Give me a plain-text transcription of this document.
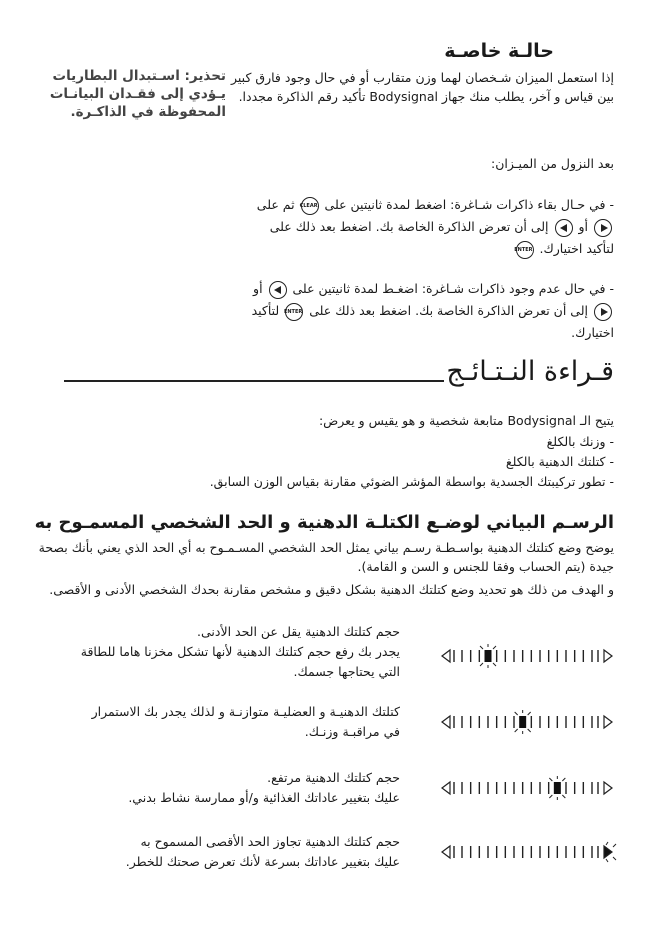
حالـة خاصـة

إذا استعمل الميزان شـخصان لهما وزن متقارب أو في حال وجود فارق كبير بين قياس و آخر، يطلب منك جهاز Bodysignal تأكيد رقم الذاكرة مجددا.

تحذير: اسـتبدال البطاريات يـؤدي إلى فقـدان البيانـات المحفوظة في الذاكـرة.

بعد النزول من الميـزان:

- في حـال بقاء ذاكرات شـاغرة: اضغط لمدة ثانيتين على CLEAR ثم على  أو  إلى أن تعرض الذاكرة الخاصة بك. اضغط بعد ذلك على لتأكيد اختيارك. ENTER

- في حال عدم وجود ذاكرات شـاغرة: اضغـط لمدة ثانيتين على  أو  إلى أن تعرض الذاكرة الخاصة بك. اضغط بعد ذلك على ENTER لتأكيد اختيارك.

قـراءة النـتـائـج

يتيح الـ Bodysignal متابعة شخصية و هو يقيس و يعرض:

- وزنك بالكلغ
- كتلتك الدهنية بالكلغ
- تطور تركيبتك الجسدية بواسطة المؤشر الضوئي مقارنة بقياس الوزن السابق.
الرسـم البياني لوضـع الكتلـة الدهنية و الحد الشخصي المسمـوح به

يوضح وضع كتلتك الدهنية بواسـطـة رسـم بياني يمثل الحد الشخصي المسـمـوح به أي الحد الذي يعني بأنك بصحة جيدة (يتم الحساب وفقا للجنس و السن و القامة).

و الهدف من ذلك هو تحديد وضع كتلتك الدهنية بشكل دقيق و مشخص مقارنة بحدك الشخصي الأدنى و الأقصى.

حجم كتلتك الدهنية يقل عن الحد الأدنى.
يجدر بك رفع حجم كتلتك الدهنية لأنها تشكل مخزنا هاما للطاقة
التي يحتاجها جسمك.

كتلتك الدهنيـة و العضليـة متوازنـة و لذلك يجدر بك الاستمرار
في مراقبـة وزنـك.

حجم كتلتك الدهنية مرتفع.
عليك بتغيير عاداتك الغذائية و/أو ممارسة نشاط بدني.

حجم كتلتك الدهنية تجاوز الحد الأقصى المسموح به
عليك بتغيير عاداتك بسرعة لأنك تعرض صحتك للخطر.
